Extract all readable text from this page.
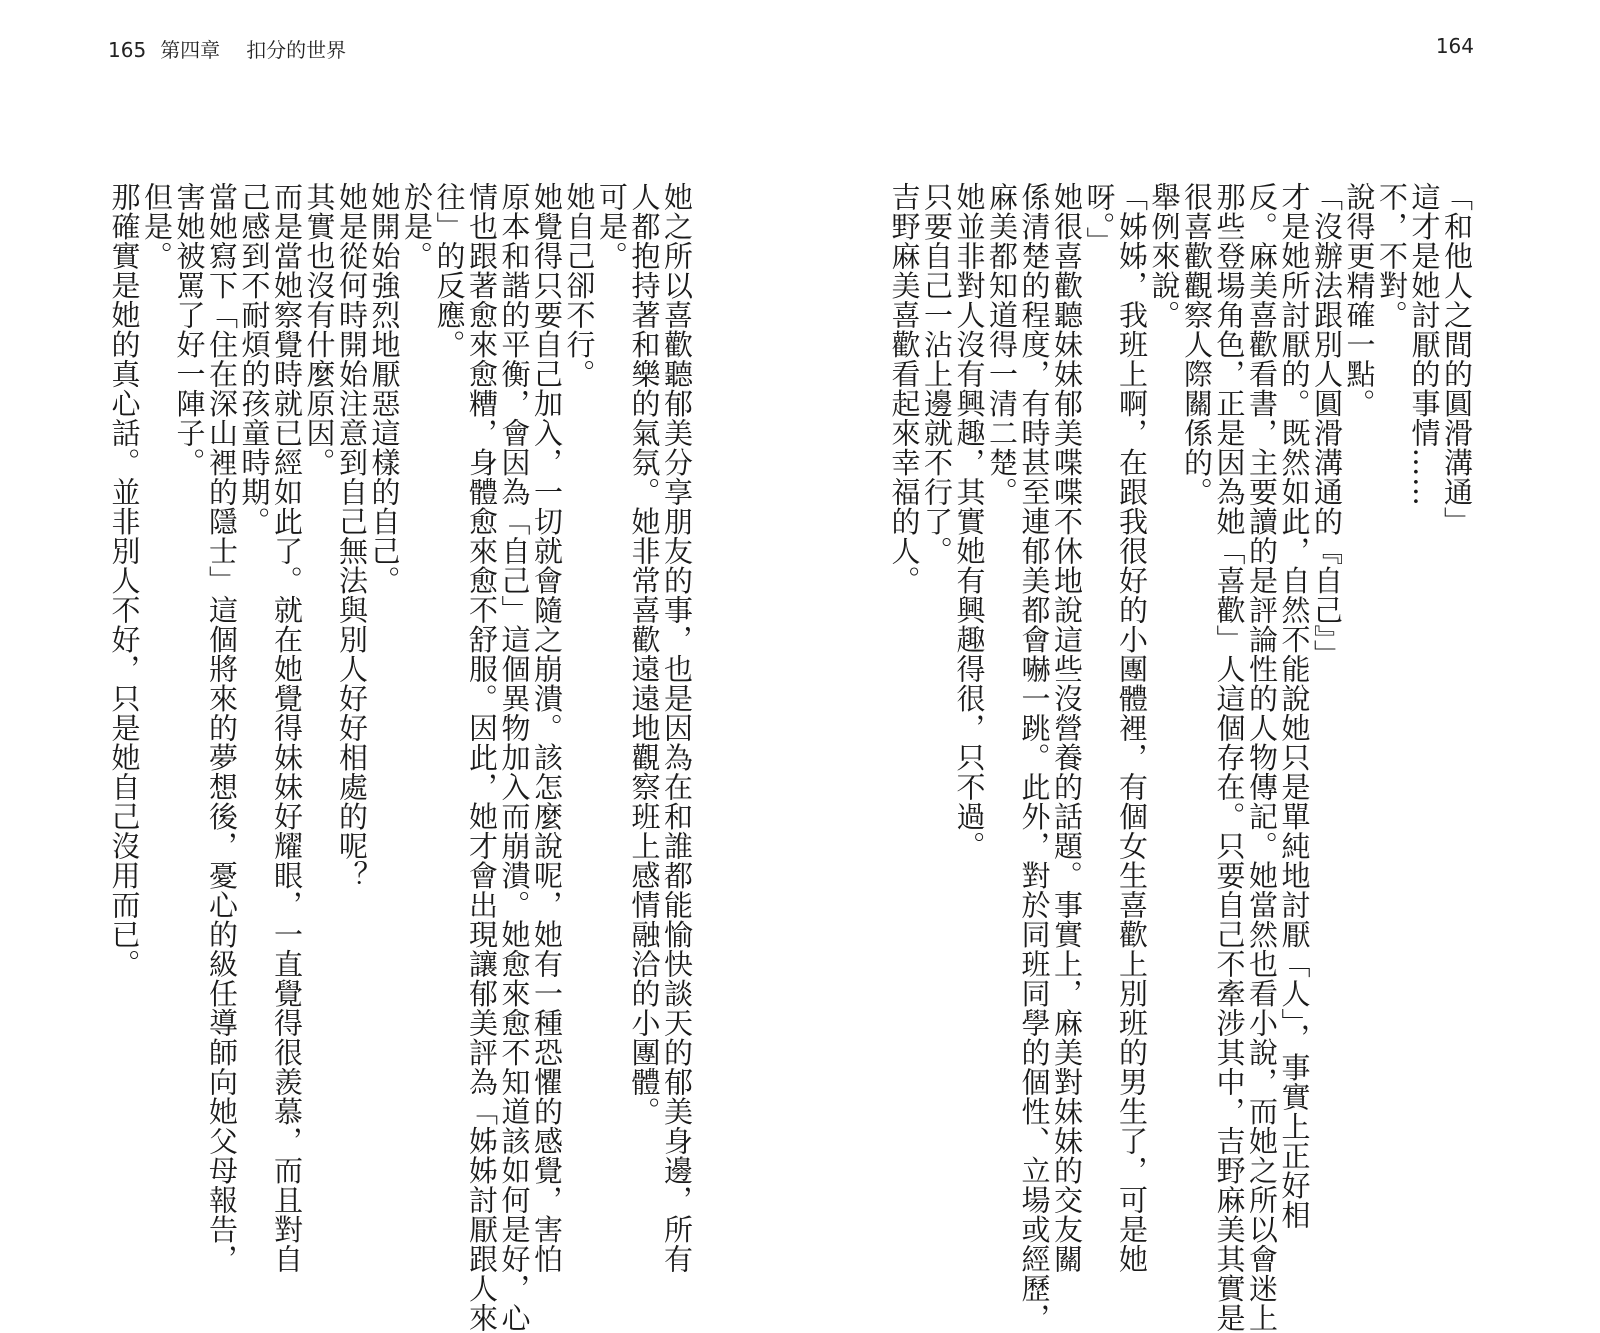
165 第四章 扣分的世界	164

「和他人之間的圓滑溝通」

這才是她討厭的事情……

不，不對。

說得更精確一點。

「沒辦法跟別人圓滑溝通的『自己』」

才是她所討厭的。既然如此，自然不能說她只是單純地討厭「人」，事實上正好相

反。麻美喜歡看書，主要讀的是評論性的人物傳記。她當然也看小說，而她之所以會迷上

那些登場角色，正是因為她「喜歡」人這個存在。只要自己不牽涉其中，吉野麻美其實是

很喜歡觀察人際關係的。

舉例來說。

「姊姊，我班上啊，在跟我很好的小團體裡，有個女生喜歡上別班的男生了，可是她

呀。」

她很喜歡聽妹妹郁美喋喋不休地說這些沒營養的話題。事實上，麻美對妹妹的交友關

係清楚的程度，有時甚至連郁美都會嚇一跳。此外，對於同班同學的個性、立場或經歷，

麻美都知道得一清二楚。

她並非對人沒有興趣，其實她有興趣得很，只不過。

只要自己一沾上邊就不行了。

吉野麻美喜歡看起來幸福的人。

她之所以喜歡聽郁美分享朋友的事，也是因為在和誰都能愉快談天的郁美身邊，所有

人都抱持著和樂的氣氛。她非常喜歡遠遠地觀察班上感情融洽的小團體。

可是。

她自己卻不行。

她覺得只要自己加入，一切就會隨之崩潰。該怎麼說呢，她有一種恐懼的感覺，害怕

原本和諧的平衡，會因為「自己」這個異物加入而崩潰。她愈來愈不知道該如何是好，心

情也跟著愈來愈糟，身體愈來愈不舒服。因此，她才會出現讓郁美評為「姊姊討厭跟人來

往」的反應。

於是。

她開始強烈地厭惡這樣的自己。

她是從何時開始注意到自己無法與別人好好相處的呢？

其實也沒有什麼原因。

而是當她察覺時就已經如此了。就在她覺得妹妹好耀眼，一直覺得很羨慕，而且對自

己感到不耐煩的孩童時期。

當她寫下「住在深山裡的隱士」這個將來的夢想後，憂心的級任導師向她父母報告，

害她被罵了好一陣子。

但是。

那確實是她的真心話。並非別人不好，只是她自己沒用而已。
